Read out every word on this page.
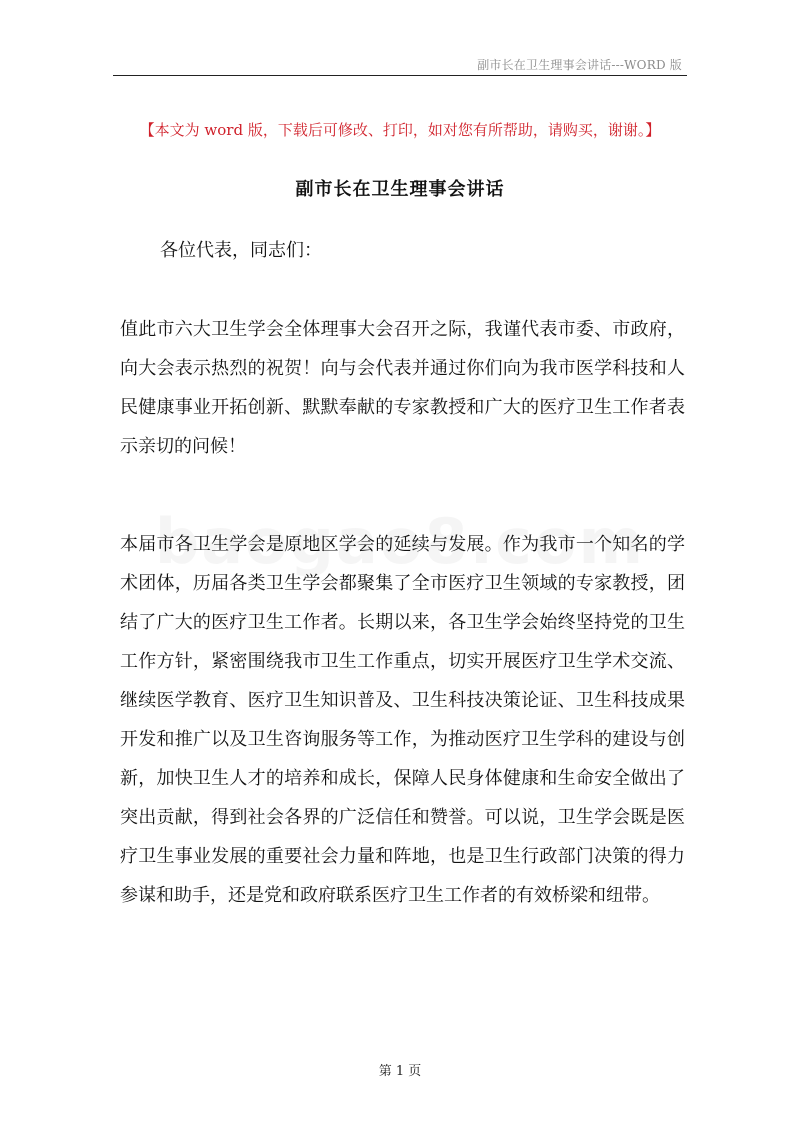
副市长在卫生理事会讲话---WORD 版
【本文为 word 版，下载后可修改、打印，如对您有所帮助，请购买，谢谢。】
副市长在卫生理事会讲话
各位代表，同志们：

值此市六大卫生学会全体理事大会召开之际，我谨代表市委、市政府，向大会表示热烈的祝贺！向与会代表并通过你们向为我市医学科技和人民健康事业开拓创新、默默奉献的专家教授和广大的医疗卫生工作者表示亲切的问候！

本届市各卫生学会是原地区学会的延续与发展。作为我市一个知名的学术团体，历届各类卫生学会都聚集了全市医疗卫生领域的专家教授，团结了广大的医疗卫生工作者。长期以来，各卫生学会始终坚持党的卫生工作方针，紧密围绕我市卫生工作重点，切实开展医疗卫生学术交流、继续医学教育、医疗卫生知识普及、卫生科技决策论证、卫生科技成果开发和推广以及卫生咨询服务等工作，为推动医疗卫生学科的建设与创新，加快卫生人才的培养和成长，保障人民身体健康和生命安全做出了突出贡献，得到社会各界的广泛信任和赞誉。可以说，卫生学会既是医疗卫生事业发展的重要社会力量和阵地，也是卫生行政部门决策的得力参谋和助手，还是党和政府联系医疗卫生工作者的有效桥梁和纽带。

第 1 页
